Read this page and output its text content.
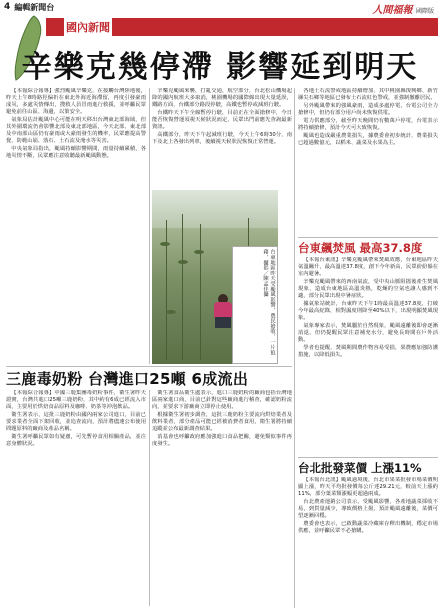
4 編輯新聞台	人間福報 國際版
國內新聞
辛樂克幾停滯 影響延到明天

【本報綜合報導】強烈颱風辛樂克，在接觸台灣陸地後，昨天上午8時路徑偏折在東北外海近海滯留，再度引發豪雨成災，多處災情傳出，搜救人員冒雨進行救援，並呼籲民眾避免前往山區、海邊，以策安全。

氣象局估計颱風中心可能在明天移出台灣東北部海域，但其外圍環流仍會影響北部及東北部地區，今天北部、東北部及中南部山區仍有豪雨或大豪雨發生的機率，民眾應提高警覺，防範山崩、落石、土石流及淹水等災害。

中央氣象局指出，颱風持續影響期間，雨量持續累積，各地災情不斷，民眾應注意收聽最新颱風動態。

辛樂克颱風來襲，打亂交通，航空部分，台北松山機場起降的國內航班大多取消，桃園機場的國際線出現大量延誤，鐵路方面，台鐵部分路段停駛，高鐵也暫停或減班行駛。

台鐵昨天下午全線暫停行駛，目前正在全面搶修中，今日能否恢復營運須視天候狀況而定，民眾出門前應先查詢最新資訊。

高鐵部分，昨天下午起減班行駛，今天上午6時30分，南下及北上各發出列車，後續視天候狀況恢復正常營運。

台東地區昨天受颱風影響，農民搶收，一片狼藉，攝影／陳孟佳攝

各地土石流警戒地區持續增加，其中桃園縣復興鄉、新竹縣尖石鄉等地區已發布土石流紅色警戒，並強制撤離居民。

另外颱風帶來的強風豪雨，造成多處停電，台電公司全力搶修中，但仍有部分用戶尚未恢復供電。

電力供應部分，截至昨天晚間仍有數萬戶停電，台電表示將持續搶修，預計今天可大致恢復。

颱風也造成嚴重農業損失，據農委會初步統計，農業損失已超過數億元，以稻米、蔬菜及水果為主。

台東飆焚風 最高37.8度

【本報台東訊】辛樂克颱風帶來焚風效應，台東地區昨天氣溫飆升，最高溫達37.8度，創下今年新高，民眾紛紛躲在室內避暑。

辛樂克颱風帶來的西南氣流，受中央山脈阻擋後產生焚風現象，造成台東地區高溫炎熱，乾燥的空氣也讓人感到不適，部分民眾出現中暑症狀。

據氣象站統計，台東昨天下午1時最高溫達37.8度，打破今年最高紀錄，相對濕度則降至40%以下，出現明顯焚風現象。

氣象專家表示，焚風屬於自然現象，颱風遠離後即會逐漸消退，但仍提醒民眾注意補充水分，避免長時間在戶外活動。

學者也提醒，焚風期間農作物容易受損，果農應加強防護措施，以降低損失。

三鹿毒奶粉 台灣進口25噸 6成流出

【本報綜合報導】中國三鹿集團毒奶粉事件，衛生署昨天證實，台灣共進口25噸三鹿奶粉，其中約有6成已經流入市面，主要用於烘焙食品原料及咖啡、奶茶等沖泡飲品。

衛生署表示，這批三鹿奶粉由國內兩家公司進口，目前已要求業者全面下架回收，並追查流向，預計將儘速公布使用問題原料的廠商及產品名稱。

衛生署呼籲民眾如有疑慮，可先暫停食用相關產品，並注意身體狀況。

衛生署食品衛生處表示，進口三鹿奶粉的廠商包括台灣地區兩家進口商，目前已針對這些廠商進行稽查，確認奶粉流向，並要求下游廠商立即停止使用。

根據衛生署初步調查，這批三鹿奶粉主要流向烘焙業者及飲料業者，部分產品可能已經被消費者食用，衛生署將持續追蹤並公布最新調查結果。

消基會也呼籲政府應加強進口食品把關，避免類似事件再度發生。

台北批發菜價 上漲11%

【本報台北訊】颱風過境後，台北市果菜批發市場菜價明顯上漲，昨天平均批發價每公斤達29.21元，較前天上漲約11%，部分葉菜類漲幅更超過兩成。

台北農產運銷公司表示，受颱風影響，各產地蔬菜採收不易，到貨量減少，導致價格上揚，預計颱風遠離後，菜價可望逐漸回穩。

農委會也表示，已啟動蔬菜冷藏庫存釋出機制，穩定市場供應，並呼籲民眾不必搶購。
